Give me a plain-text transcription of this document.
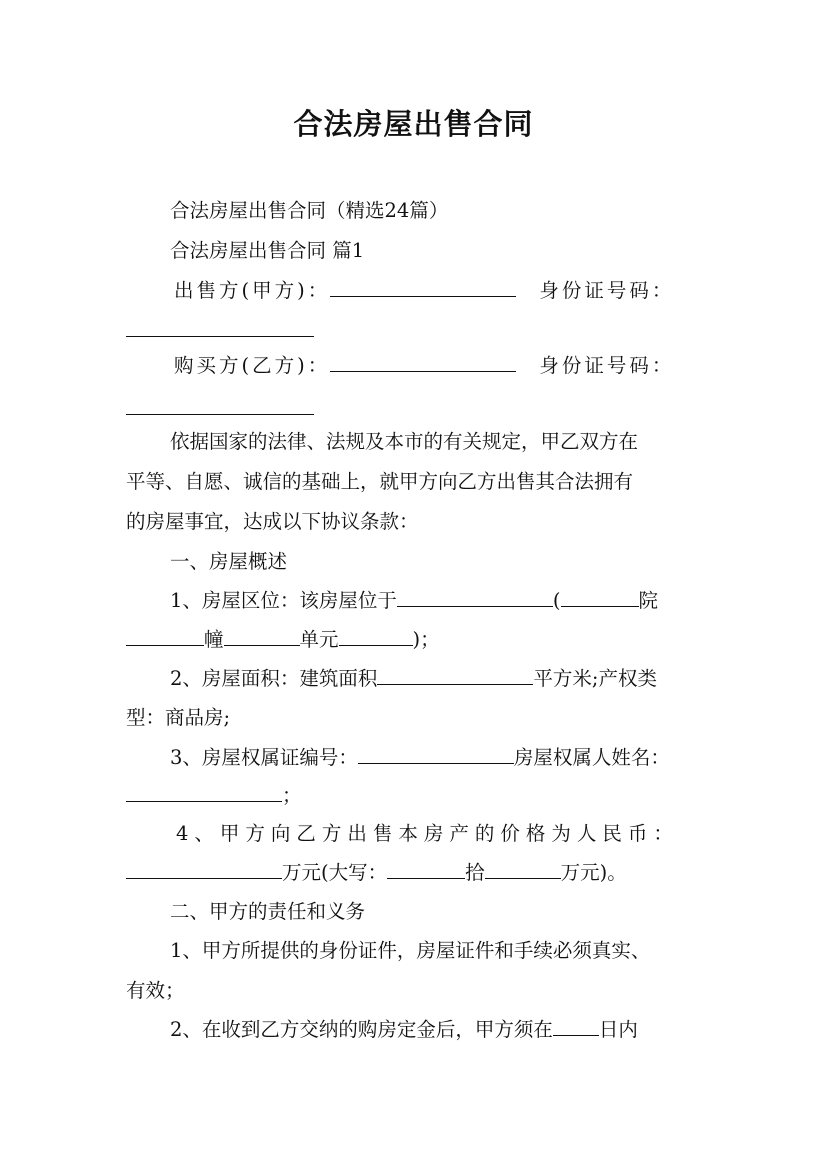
合法房屋出售合同
合法房屋出售合同（精选24篇）
合法房屋出售合同 篇1
出售方(甲方)：	身份证号码：
购买方(乙方)：	身份证号码：
依据国家的法律、法规及本市的有关规定，甲乙双方在
平等、自愿、诚信的基础上，就甲方向乙方出售其合法拥有
的房屋事宜，达成以下协议条款：
一、房屋概述
1、房屋区位：该房屋位于	(	院
幢	单元	)；
2、房屋面积：建筑面积	平方米;产权类
型：商品房;
3、房屋权属证编号：	房屋权属人姓名：
；
4、甲方向乙方出售本房产的价格为人民币：
万元(大写：	拾	万元)。
二、甲方的责任和义务
1、甲方所提供的身份证件，房屋证件和手续必须真实、
有效；
2、在收到乙方交纳的购房定金后，甲方须在 日内
